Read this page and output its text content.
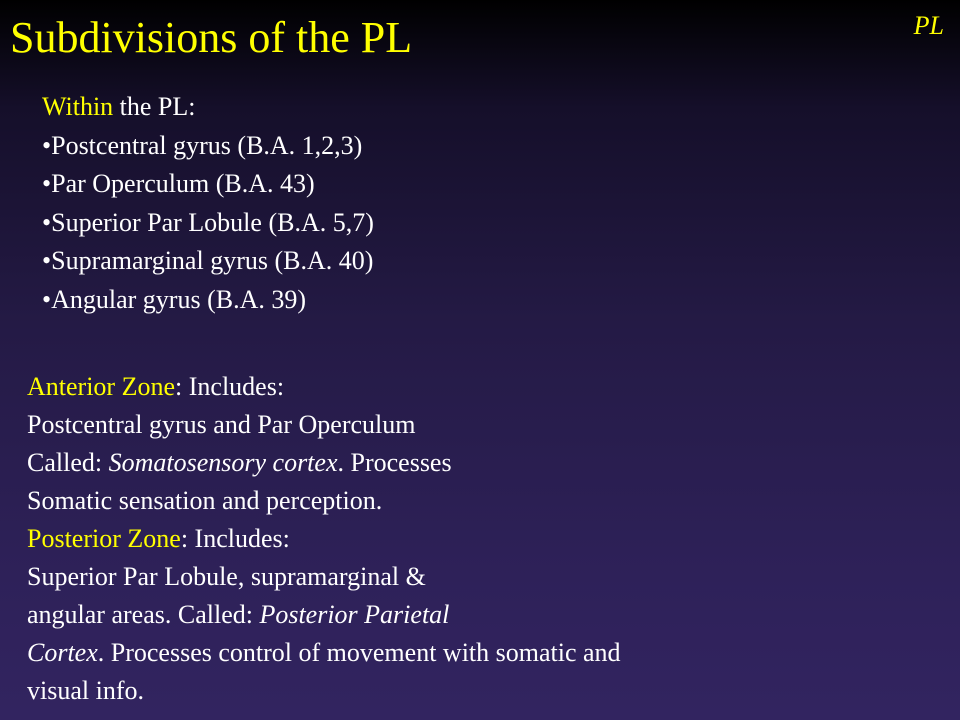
Subdivisions of the PL	PL
Within the PL:
•Postcentral gyrus (B.A. 1,2,3)
•Par Operculum (B.A. 43)
•Superior Par Lobule (B.A. 5,7)
•Supramarginal gyrus (B.A. 40)
•Angular gyrus (B.A. 39)
Anterior Zone: Includes:
Postcentral gyrus and Par Operculum
Called: Somatosensory cortex. Processes
Somatic sensation and perception.
Posterior Zone: Includes:
Superior Par Lobule, supramarginal &
angular areas. Called: Posterior Parietal
Cortex. Processes control of movement with somatic and
visual info.
